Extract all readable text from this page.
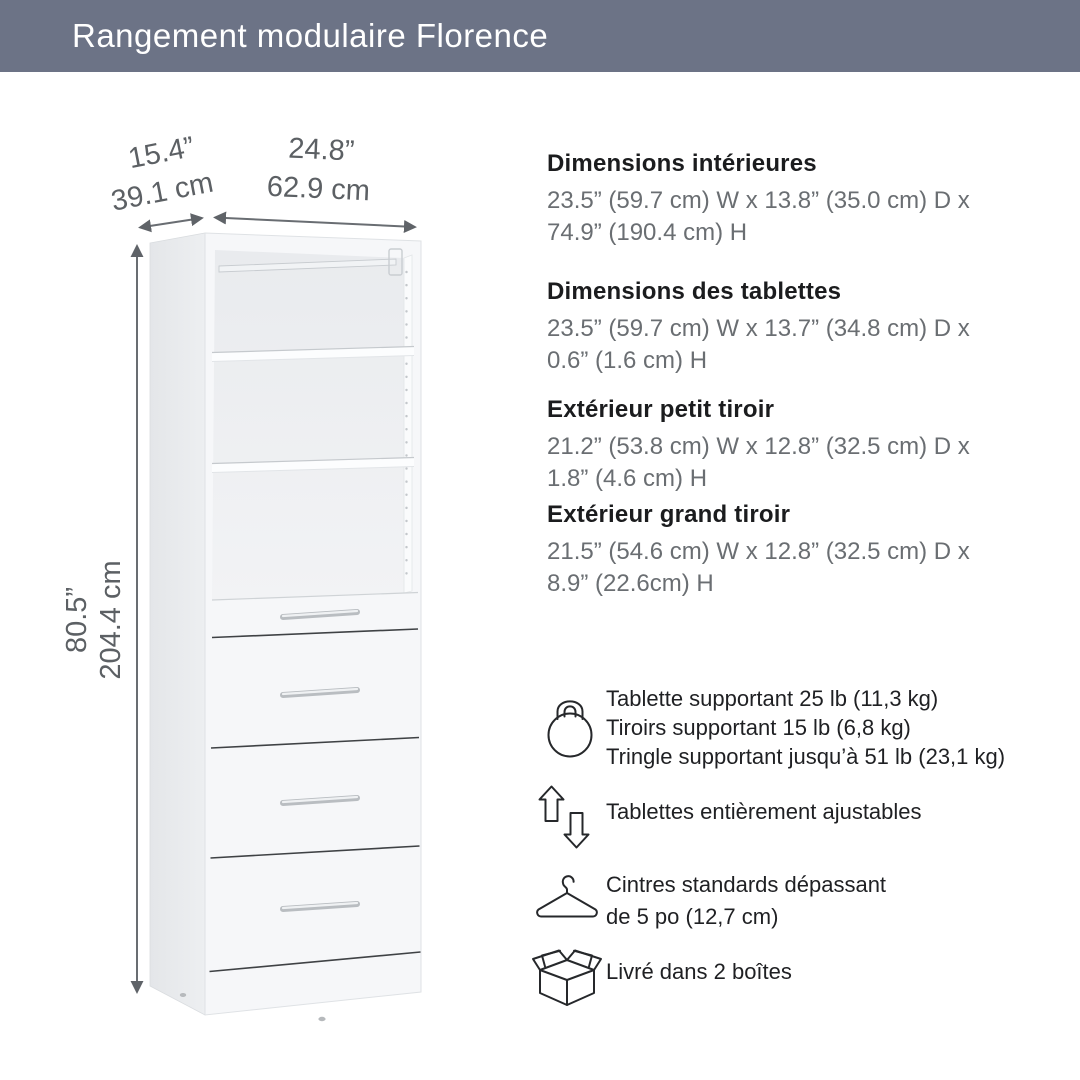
Rangement modulaire Florence
15.4”
39.1 cm
24.8”
62.9 cm
80.5” 204.4 cm
Dimensions intérieures

23.5” (59.7 cm) W x 13.8” (35.0 cm) D x

74.9” (190.4 cm) H

Dimensions des tablettes

23.5” (59.7 cm) W x 13.7” (34.8 cm) D x

0.6” (1.6 cm) H

Extérieur petit tiroir

21.2” (53.8 cm) W x 12.8” (32.5 cm) D x

1.8” (4.6 cm) H

Extérieur grand tiroir

21.5” (54.6 cm) W x 12.8” (32.5 cm) D x

8.9” (22.6cm) H

Tablette supportant 25 lb (11,3 kg)
Tiroirs supportant 15 lb (6,8 kg)
Tringle supportant jusqu’à 51 lb (23,1 kg)
Tablettes entièrement ajustables
Cintres standards dépassant
de 5 po (12,7 cm)
Livré dans 2 boîtes
